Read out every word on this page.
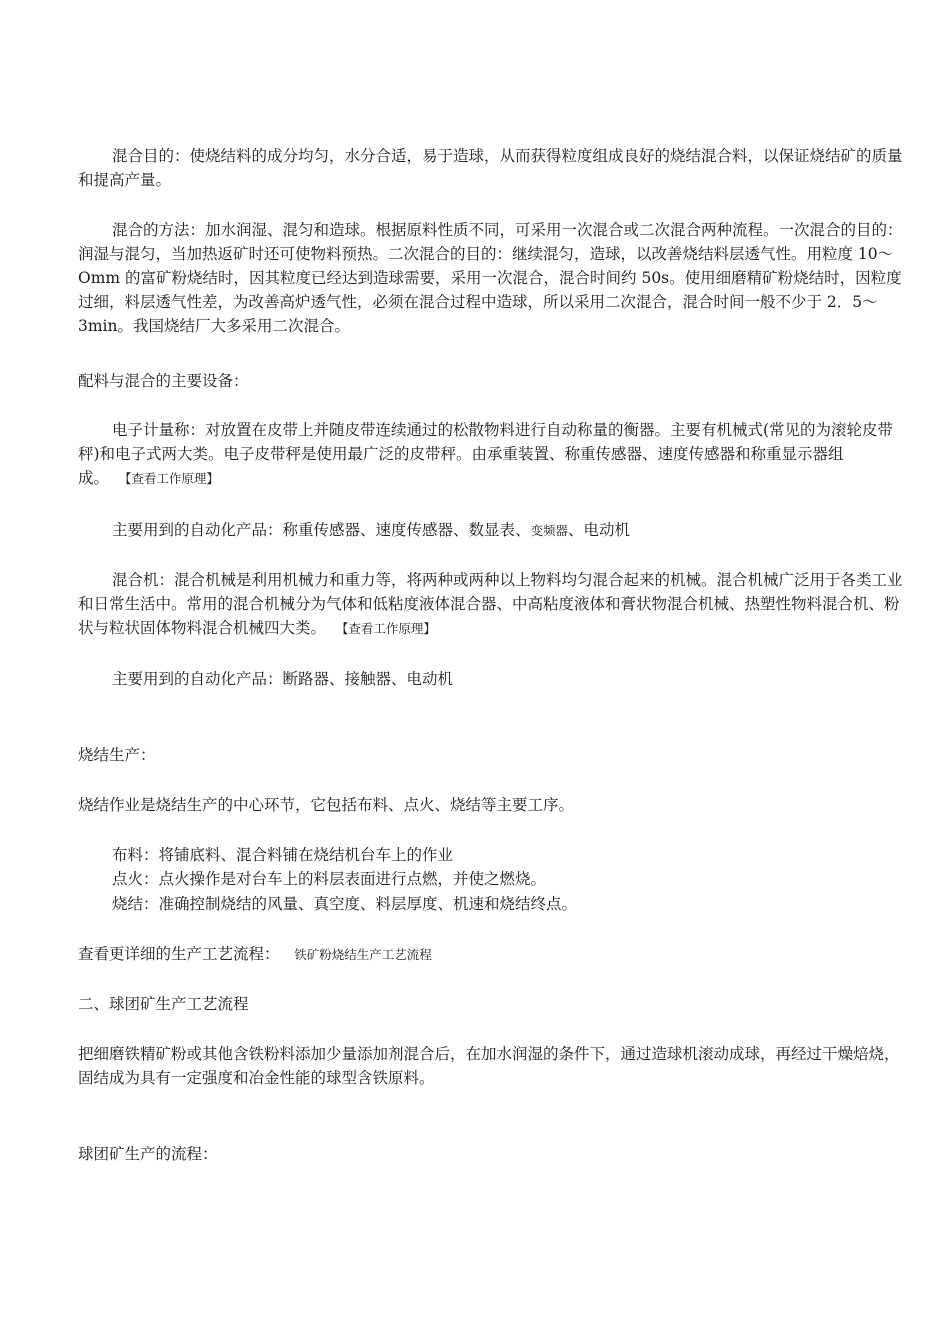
混合目的：使烧结料的成分均匀，水分合适，易于造球，从而获得粒度组成良好的烧结混合料，以保证烧结矿的质量和提高产量。

混合的方法：加水润湿、混匀和造球。根据原料性质不同，可采用一次混合或二次混合两种流程。一次混合的目的：润湿与混匀，当加热返矿时还可使物料预热。二次混合的目的：继续混匀，造球，以改善烧结料层透气性。用粒度 10～Omm 的富矿粉烧结时，因其粒度已经达到造球需要，采用一次混合，混合时间约 50s。使用细磨精矿粉烧结时，因粒度过细，料层透气性差，为改善高炉透气性，必须在混合过程中造球，所以采用二次混合，混合时间一般不少于 2．5～3min。我国烧结厂大多采用二次混合。

配料与混合的主要设备：

电子计量称：对放置在皮带上并随皮带连续通过的松散物料进行自动称量的衡器。主要有机械式(常见的为滚轮皮带秤)和电子式两大类。电子皮带秤是使用最广泛的皮带秤。由承重装置、称重传感器、速度传感器和称重显示器组成。 【查看工作原理】

主要用到的自动化产品：称重传感器、速度传感器、数显表、变频器、电动机

混合机：混合机械是利用机械力和重力等，将两种或两种以上物料均匀混合起来的机械。混合机械广泛用于各类工业和日常生活中。常用的混合机械分为气体和低粘度液体混合器、中高粘度液体和膏状物混合机械、热塑性物料混合机、粉状与粒状固体物料混合机械四大类。 【查看工作原理】

主要用到的自动化产品：断路器、接触器、电动机

烧结生产：

烧结作业是烧结生产的中心环节，它包括布料、点火、烧结等主要工序。

布料：将铺底料、混合料铺在烧结机台车上的作业

点火：点火操作是对台车上的料层表面进行点燃，并使之燃烧。

烧结：准确控制烧结的风量、真空度、料层厚度、机速和烧结终点。

查看更详细的生产工艺流程： 铁矿粉烧结生产工艺流程

二、球团矿生产工艺流程

把细磨铁精矿粉或其他含铁粉料添加少量添加剂混合后，在加水润湿的条件下，通过造球机滚动成球，再经过干燥焙烧，固结成为具有一定强度和冶金性能的球型含铁原料。

球团矿生产的流程：
